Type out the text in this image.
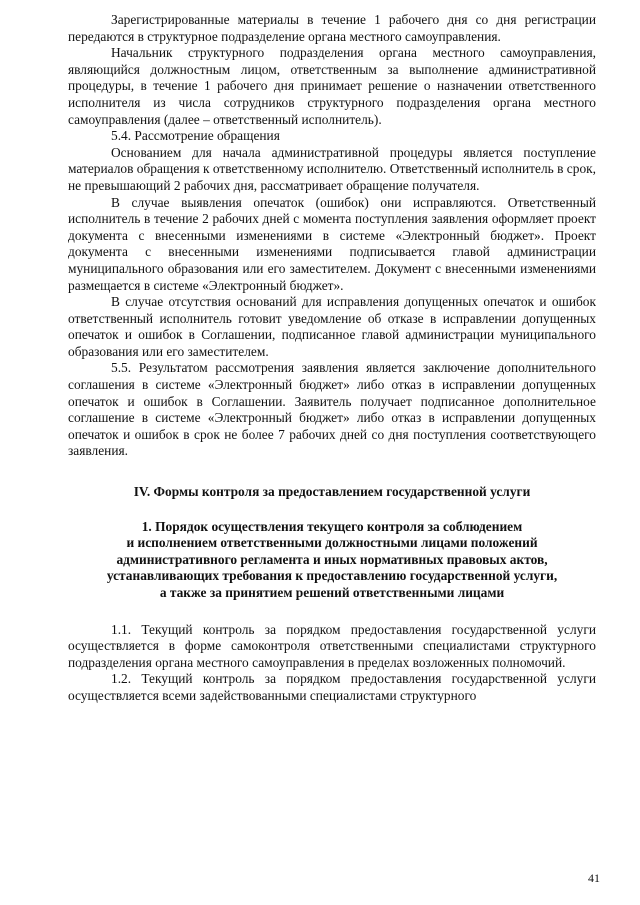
Зарегистрированные материалы в течение 1 рабочего дня со дня регистрации передаются в структурное подразделение органа местного самоуправления.

Начальник структурного подразделения органа местного самоуправления, являющийся должностным лицом, ответственным за выполнение административной процедуры, в течение 1 рабочего дня принимает решение о назначении ответственного исполнителя из числа сотрудников структурного подразделения органа местного самоуправления (далее – ответственный исполнитель).

5.4. Рассмотрение обращения

Основанием для начала административной процедуры является поступление материалов обращения к ответственному исполнителю. Ответственный исполнитель в срок, не превышающий 2 рабочих дня, рассматривает обращение получателя.

В случае выявления опечаток (ошибок) они исправляются. Ответственный исполнитель в течение 2 рабочих дней с момента поступления заявления оформляет проект документа с внесенными изменениями в системе «Электронный бюджет». Проект документа с внесенными изменениями подписывается главой администрации муниципального образования или его заместителем. Документ с внесенными изменениями размещается в системе «Электронный бюджет».

В случае отсутствия оснований для исправления допущенных опечаток и ошибок ответственный исполнитель готовит уведомление об отказе в исправлении допущенных опечаток и ошибок в Соглашении, подписанное главой администрации муниципального образования или его заместителем.

5.5. Результатом рассмотрения заявления является заключение дополнительного соглашения в системе «Электронный бюджет» либо отказ в исправлении допущенных опечаток и ошибок в Соглашении. Заявитель получает подписанное дополнительное соглашение в системе «Электронный бюджет» либо отказ в исправлении допущенных опечаток и ошибок в срок не более 7 рабочих дней со дня поступления соответствующего заявления.

IV. Формы контроля за предоставлением государственной услуги
1. Порядок осуществления текущего контроля за соблюдением
и исполнением ответственными должностными лицами положений
административного регламента и иных нормативных правовых актов,
устанавливающих требования к предоставлению государственной услуги,
а также за принятием решений ответственными лицами

1.1. Текущий контроль за порядком предоставления государственной услуги осуществляется в форме самоконтроля ответственными специалистами структурного подразделения органа местного самоуправления в пределах возложенных полномочий.

1.2. Текущий контроль за порядком предоставления государственной услуги осуществляется всеми задействованными специалистами структурного

41
